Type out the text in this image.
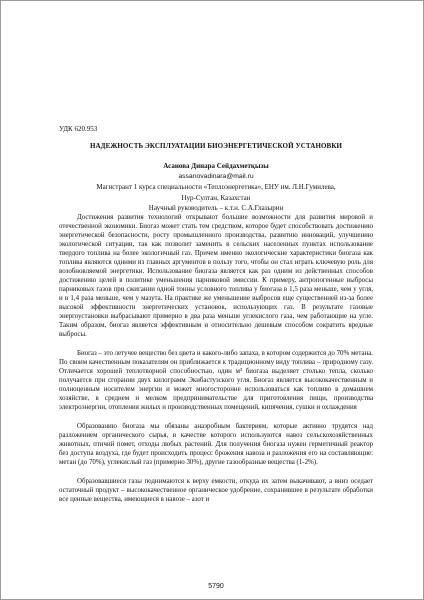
УДК 620.953
НАДЕЖНОСТЬ ЭКСПЛУАТАЦИИ БИОЭНЕРГЕТИЧЕСКОЙ УСТАНОВКИ
Асанова Динара Сейдахметқызы
assanovadinara@mail.ru
Магистрант 1 курса специальности «Теплоэнергетика», ЕНУ им. Л.Н.Гумилева,
Нур-Султан, Казахстан
Научный руководитель – к.т.н. С.А.Глазырин

Достижения развития технологий открывают большие возможности для развития мировой и отечественной экономики. Биогаз может стать тем средством, которое будет способствовать достижению энергетической безопасности, росту промышленного производства, развитию инноваций, улучшению экологической ситуации, так как позволит заменить в сельских населенных пунктах использование твердого топлива на более экологичный газ. Причем именно экологические характеристики биогаза как топлива являются одними из главных аргументов в пользу того, чтобы он стал играть ключевую роль для возобновляемой энергетики. Использование биогаза является как раз одним из действенных способов достижению целей в политике уменьшения парниковой эмиссии. К примеру, антропогенные выбросы парниковых газов при сжигании одной тонны условного топлива у биогаза в 1,5 раза меньше, чем у угля, и в 1,4 раза меньше, чем у мазута. На практике же уменьшение выбросов еще существенней из-за более высокой эффективности энергетических установок, использующих газ. В результате газовые энергоустановки выбрасывают примерно в два раза меньше углекислого газа, чем работающие на угле. Таким образом, биогаз является эффективным и относительно дешевым способом сократить вредные выбросы.

Биогаз – это летучее вещество без цвета и какого-либо запаха, в котором содержится до 70% метана. По своим качественным показателям он приближается к традиционному виду топлива – природному газу. Отличается хорошей теплотворной способностью, один м³ биогаза выделяет столько тепла, сколько получается при сгорании двух килограмм Экибастузского угля. Биогаз является высококачественным и полноценным носителем энергии и может многосторонне использоваться как топливо в домашнем хозяйстве, в среднем и мелком предпринимательстве для приготовления пищи, производства электроэнергии, отопления жилых и производственных помещений, кипячения, сушки и охлаждения

Образованию биогаза мы обязаны анаэробным бактериям, которые активно трудятся над разложением органического сырья, в качестве которого используются навоз сельскохозяйственных животных, птичий помет, отходы любых растений. Для получения биогаза нужен герметичный реактор без доступа воздуха, где будет происходить процесс брожения навоза и разложения его на составляющие: метан (до 70%), углекислый газ (примерно 30%), другие газообразные вещества (1-2%).

Образовавшиеся газы поднимаются к верху емкости, откуда их затем выкачивают, а вниз оседает остаточный продукт – высококачественное органическое удобрение, сохранившее в результате обработки все ценные вещества, имеющиеся в навозе – азот и

5790
